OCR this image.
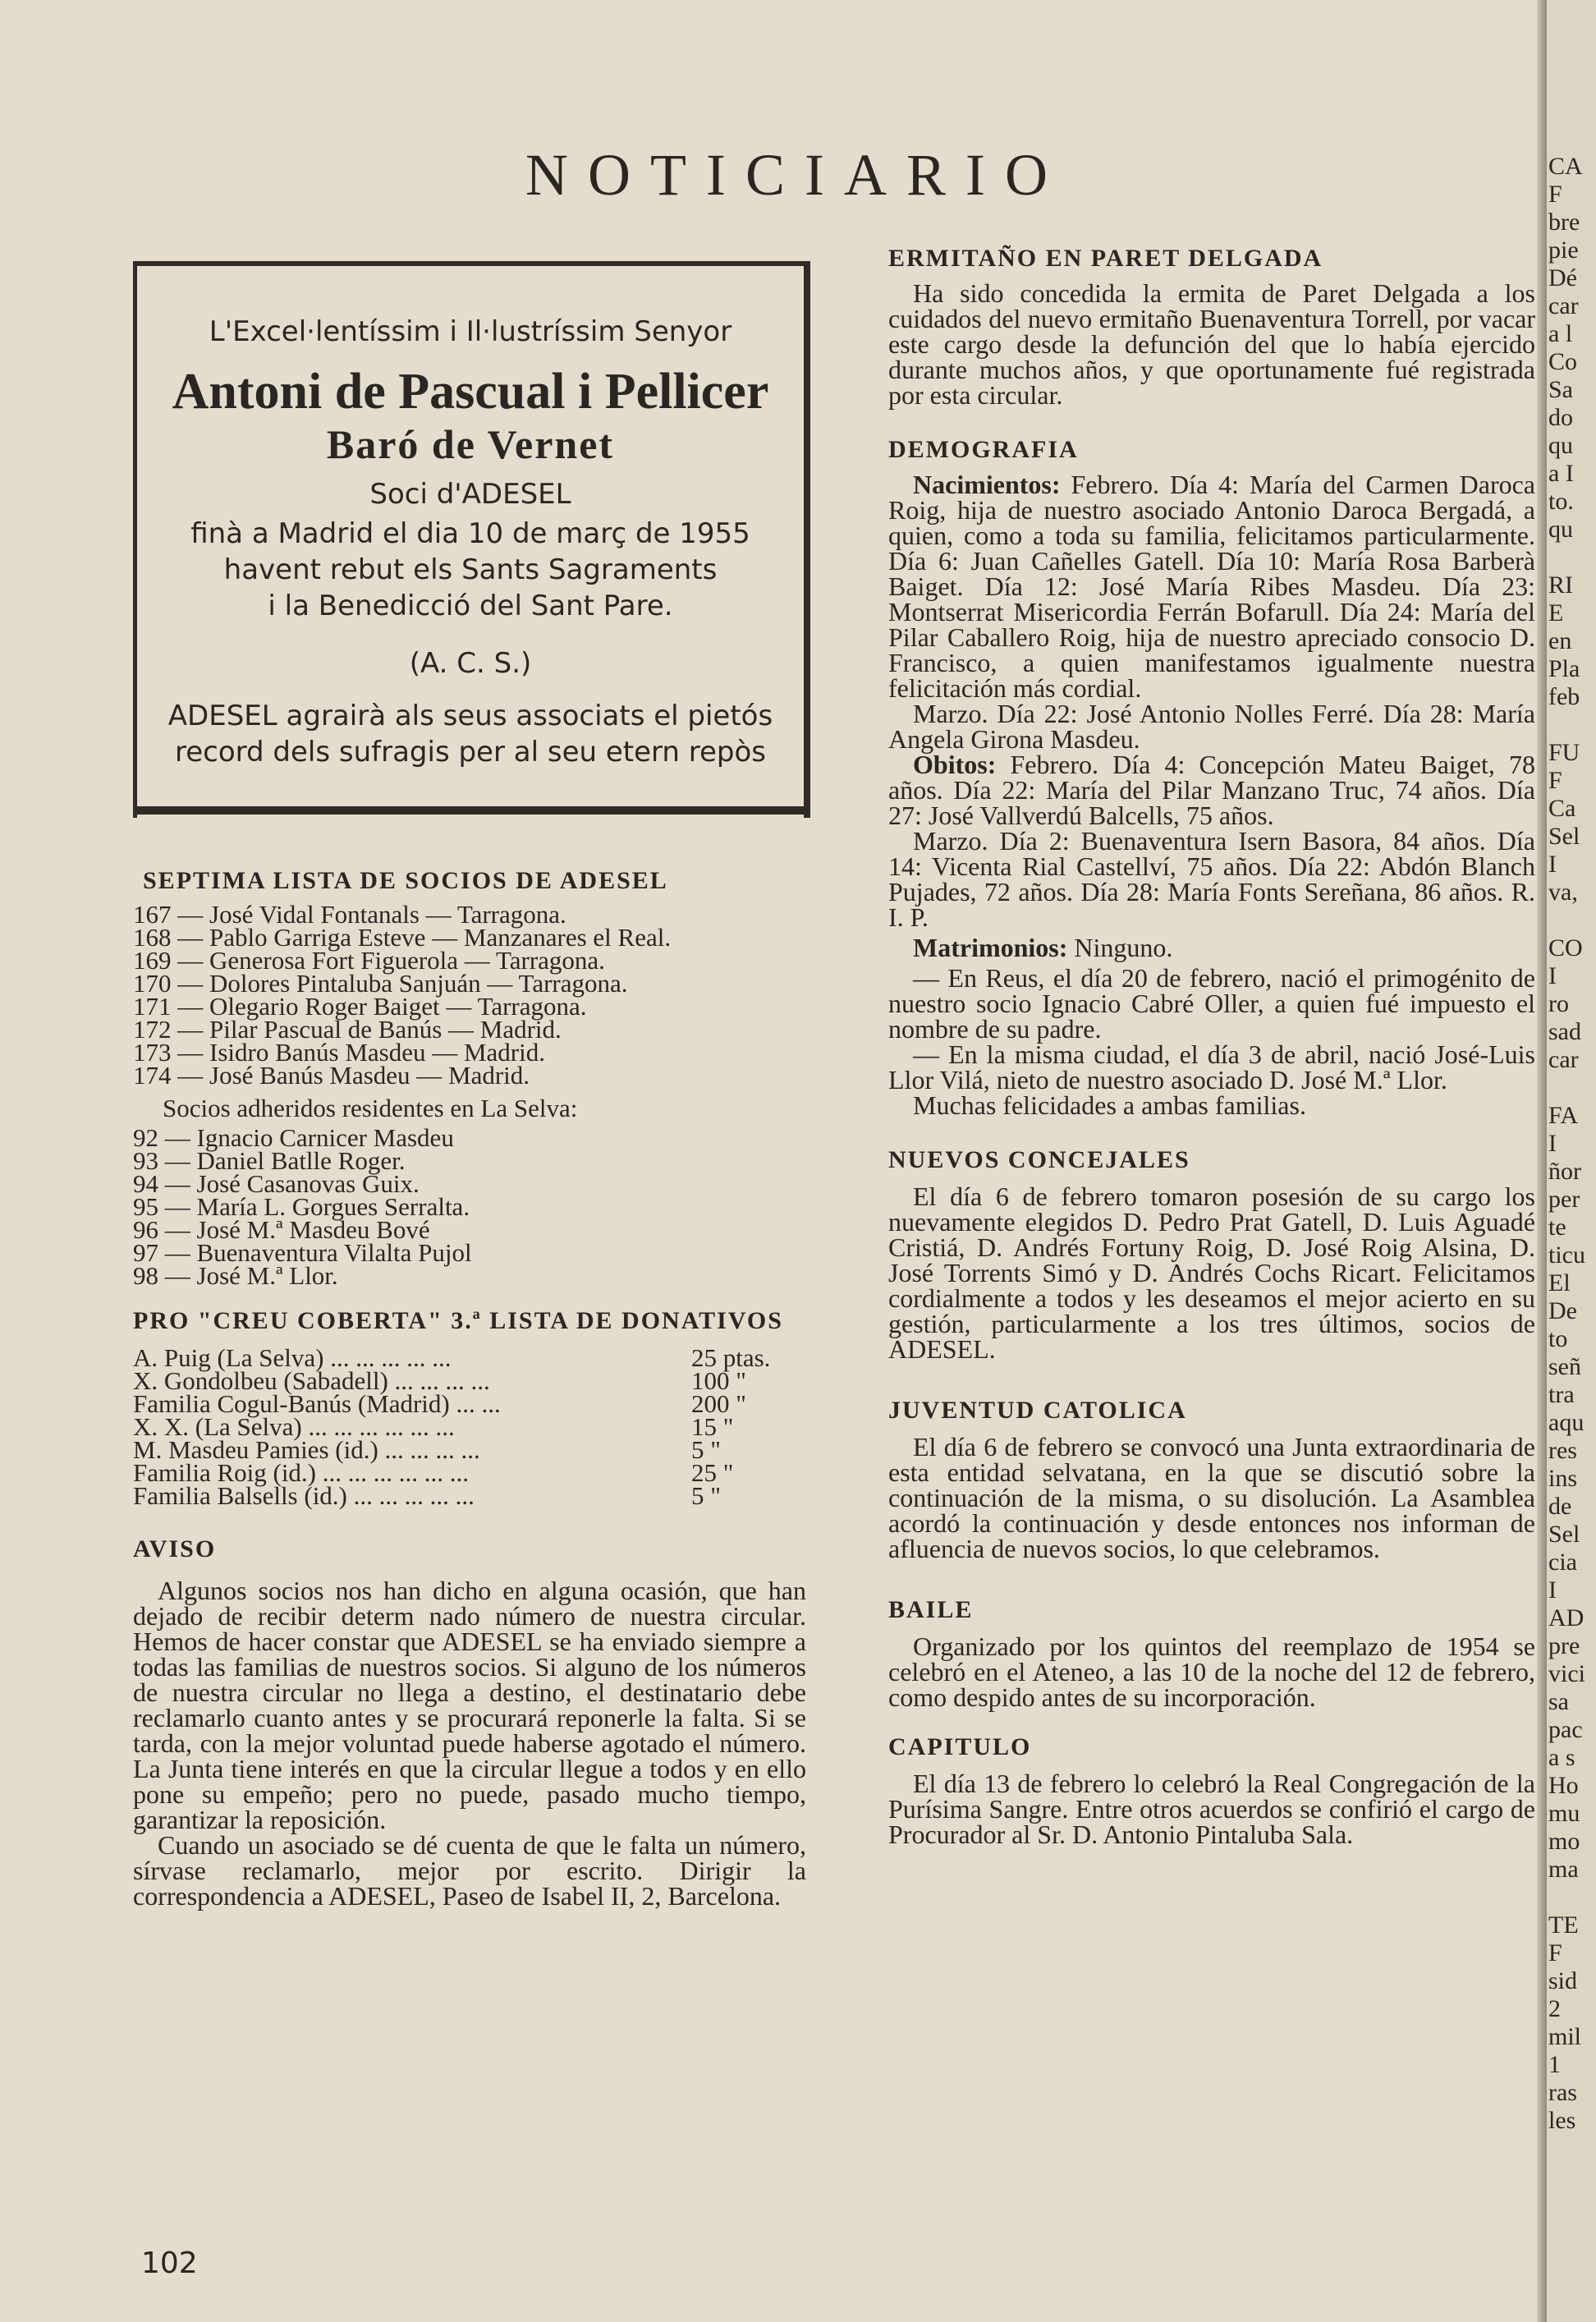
NOTICIARIO
L'Excel·lentíssim i Il·lustríssim Senyor
Antoni de Pascual i Pellicer
Baró de Vernet
Soci d'ADESEL
finà a Madrid el dia 10 de març de 1955
havent rebut els Sants Sagraments
i la Benedicció del Sant Pare.
(A. C. S.)
ADESEL agrairà als seus associats el pietós
record dels sufragis per al seu etern repòs

SEPTIMA LISTA DE SOCIOS DE ADESEL

167 — José Vidal Fontanals — Tarragona.

168 — Pablo Garriga Esteve — Manzanares el Real.

169 — Generosa Fort Figuerola — Tarragona.

170 — Dolores Pintaluba Sanjuán — Tarragona.

171 — Olegario Roger Baiget — Tarragona.

172 — Pilar Pascual de Banús — Madrid.

173 — Isidro Banús Masdeu — Madrid.

174 — José Banús Masdeu — Madrid.

Socios adheridos residentes en La Selva:

92 — Ignacio Carnicer Masdeu

93 — Daniel Batlle Roger.

94 — José Casanovas Guix.

95 — María L. Gorgues Serralta.

96 — José M.ª Masdeu Bové

97 — Buenaventura Vilalta Pujol

98 — José M.ª Llor.

PRO "CREU COBERTA" 3.ª LISTA DE DONATIVOS

A. Puig (La Selva) ... ... ... ... ...	25 ptas.
X. Gondolbeu (Sabadell) ... ... ... ...	100 "
Familia Cogul-Banús (Madrid) ... ...	200 "
X. X. (La Selva) ... ... ... ... ... ...	15 "
M. Masdeu Pamies (id.) ... ... ... ...	5 "
Familia Roig (id.) ... ... ... ... ... ...	25 "
Familia Balsells (id.) ... ... ... ... ...	5 "

AVISO

Algunos socios nos han dicho en alguna ocasión, que han dejado de recibir determ nado número de nuestra circular. Hemos de hacer constar que ADESEL se ha enviado siempre a todas las familias de nuestros socios. Si alguno de los números de nuestra circular no llega a destino, el destinatario debe reclamarlo cuanto antes y se procurará reponerle la falta. Si se tarda, con la mejor voluntad puede haberse agotado el número. La Junta tiene interés en que la circular llegue a todos y en ello pone su empeño; pero no puede, pasado mucho tiempo, garantizar la reposición.

Cuando un asociado se dé cuenta de que le falta un número, sírvase reclamarlo, mejor por escrito. Dirigir la correspondencia a ADESEL, Paseo de Isabel II, 2, Barcelona.

ERMITAÑO EN PARET DELGADA

Ha sido concedida la ermita de Paret Delgada a los cuidados del nuevo ermitaño Buenaventura Torrell, por vacar este cargo desde la defunción del que lo había ejercido durante muchos años, y que oportunamente fué registrada por esta circular.

DEMOGRAFIA

Nacimientos: Febrero. Día 4: María del Carmen Daroca Roig, hija de nuestro asociado Antonio Daroca Bergadá, a quien, como a toda su familia, felicitamos particularmente. Día 6: Juan Cañelles Gatell. Día 10: María Rosa Barberà Baiget. Día 12: José María Ribes Masdeu. Día 23: Montserrat Misericordia Ferrán Bofarull. Día 24: María del Pilar Caballero Roig, hija de nuestro apreciado consocio D. Francisco, a quien manifestamos igualmente nuestra felicitación más cordial.

Marzo. Día 22: José Antonio Nolles Ferré. Día 28: María Angela Girona Masdeu.

Obitos: Febrero. Día 4: Concepción Mateu Baiget, 78 años. Día 22: María del Pilar Manzano Truc, 74 años. Día 27: José Vallverdú Balcells, 75 años.

Marzo. Día 2: Buenaventura Isern Basora, 84 años. Día 14: Vicenta Rial Castellví, 75 años. Día 22: Abdón Blanch Pujades, 72 años. Día 28: María Fonts Sereñana, 86 años. R. I. P.

Matrimonios: Ninguno.

— En Reus, el día 20 de febrero, nació el primogénito de nuestro socio Ignacio Cabré Oller, a quien fué impuesto el nombre de su padre.

— En la misma ciudad, el día 3 de abril, nació José-Luis Llor Vilá, nieto de nuestro asociado D. José M.ª Llor.

Muchas felicidades a ambas familias.

NUEVOS CONCEJALES

El día 6 de febrero tomaron posesión de su cargo los nuevamente elegidos D. Pedro Prat Gatell, D. Luis Aguadé Cristiá, D. Andrés Fortuny Roig, D. José Roig Alsina, D. José Torrents Simó y D. Andrés Cochs Ricart. Felicitamos cordialmente a todos y les deseamos el mejor acierto en su gestión, particularmente a los tres últimos, socios de ADESEL.

JUVENTUD CATOLICA

El día 6 de febrero se convocó una Junta extraordinaria de esta entidad selvatana, en la que se discutió sobre la continuación de la misma, o su disolución. La Asamblea acordó la continuación y desde entonces nos informan de afluencia de nuevos socios, lo que celebramos.

BAILE

Organizado por los quintos del reemplazo de 1954 se celebró en el Ateneo, a las 10 de la noche del 12 de febrero, como despido antes de su incorporación.

CAPITULO

El día 13 de febrero lo celebró la Real Congregación de la Purísima Sangre. Entre otros acuerdos se confirió el cargo de Procurador al Sr. D. Antonio Pintaluba Sala.

102
CA
F
bre
pie
Dé
car
a l
Co
Sa
do
qu
a I
to.
qu
RI
E
en
Pla
feb
FU
F
Ca
Sel
I
va,
CO
I
ro
sad
car
FA
I
ñor
per
te
ticu
El
De
to
señ
tra
aqu
res
ins
de
Sel
cia
I
AD
pre
vici
sa
pac
a s
Ho
mu
mo
ma
TE
F
sid
2
mil
1
ras
les
